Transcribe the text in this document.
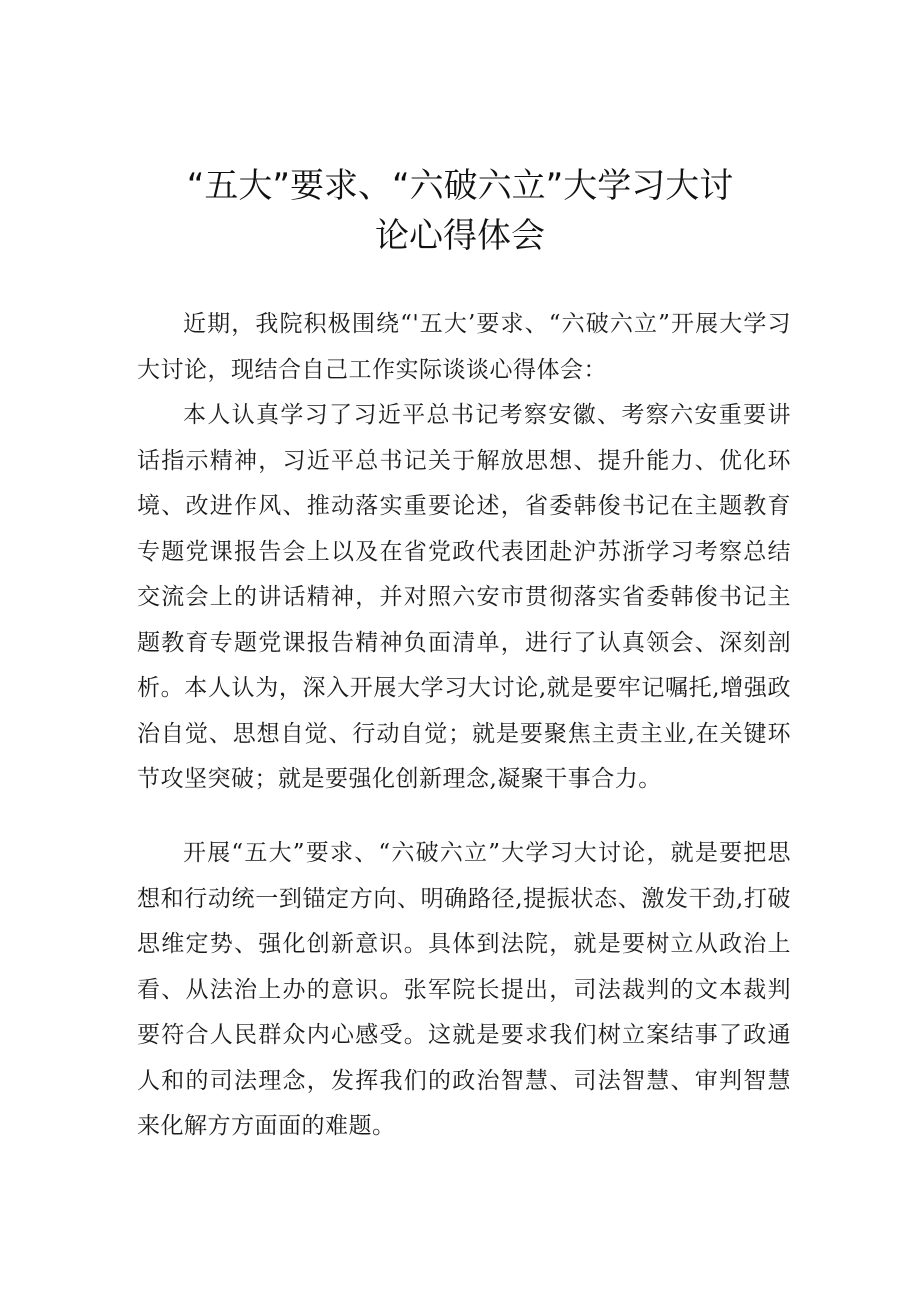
“五大”要求、“六破六立”大学习大讨
论心得体会

近期，我院积极围绕“'五大’要求、“六破六立”开展大学习大讨论，现结合自己工作实际谈谈心得体会：

本人认真学习了习近平总书记考察安徽、考察六安重要讲话指示精神，习近平总书记关于解放思想、提升能力、优化环境、改进作风、推动落实重要论述，省委韩俊书记在主题教育专题党课报告会上以及在省党政代表团赴沪苏浙学习考察总结交流会上的讲话精神，并对照六安市贯彻落实省委韩俊书记主题教育专题党课报告精神负面清单，进行了认真领会、深刻剖析。本人认为，深入开展大学习大讨论,就是要牢记嘱托,增强政治自觉、思想自觉、行动自觉；就是要聚焦主责主业,在关键环节攻坚突破；就是要强化创新理念,凝聚干事合力。

开展“五大”要求、“六破六立”大学习大讨论，就是要把思想和行动统一到锚定方向、明确路径,提振状态、激发干劲,打破思维定势、强化创新意识。具体到法院，就是要树立从政治上看、从法治上办的意识。张军院长提出，司法裁判的文本裁判要符合人民群众内心感受。这就是要求我们树立案结事了政通人和的司法理念，发挥我们的政治智慧、司法智慧、审判智慧来化解方方面面的难题。
